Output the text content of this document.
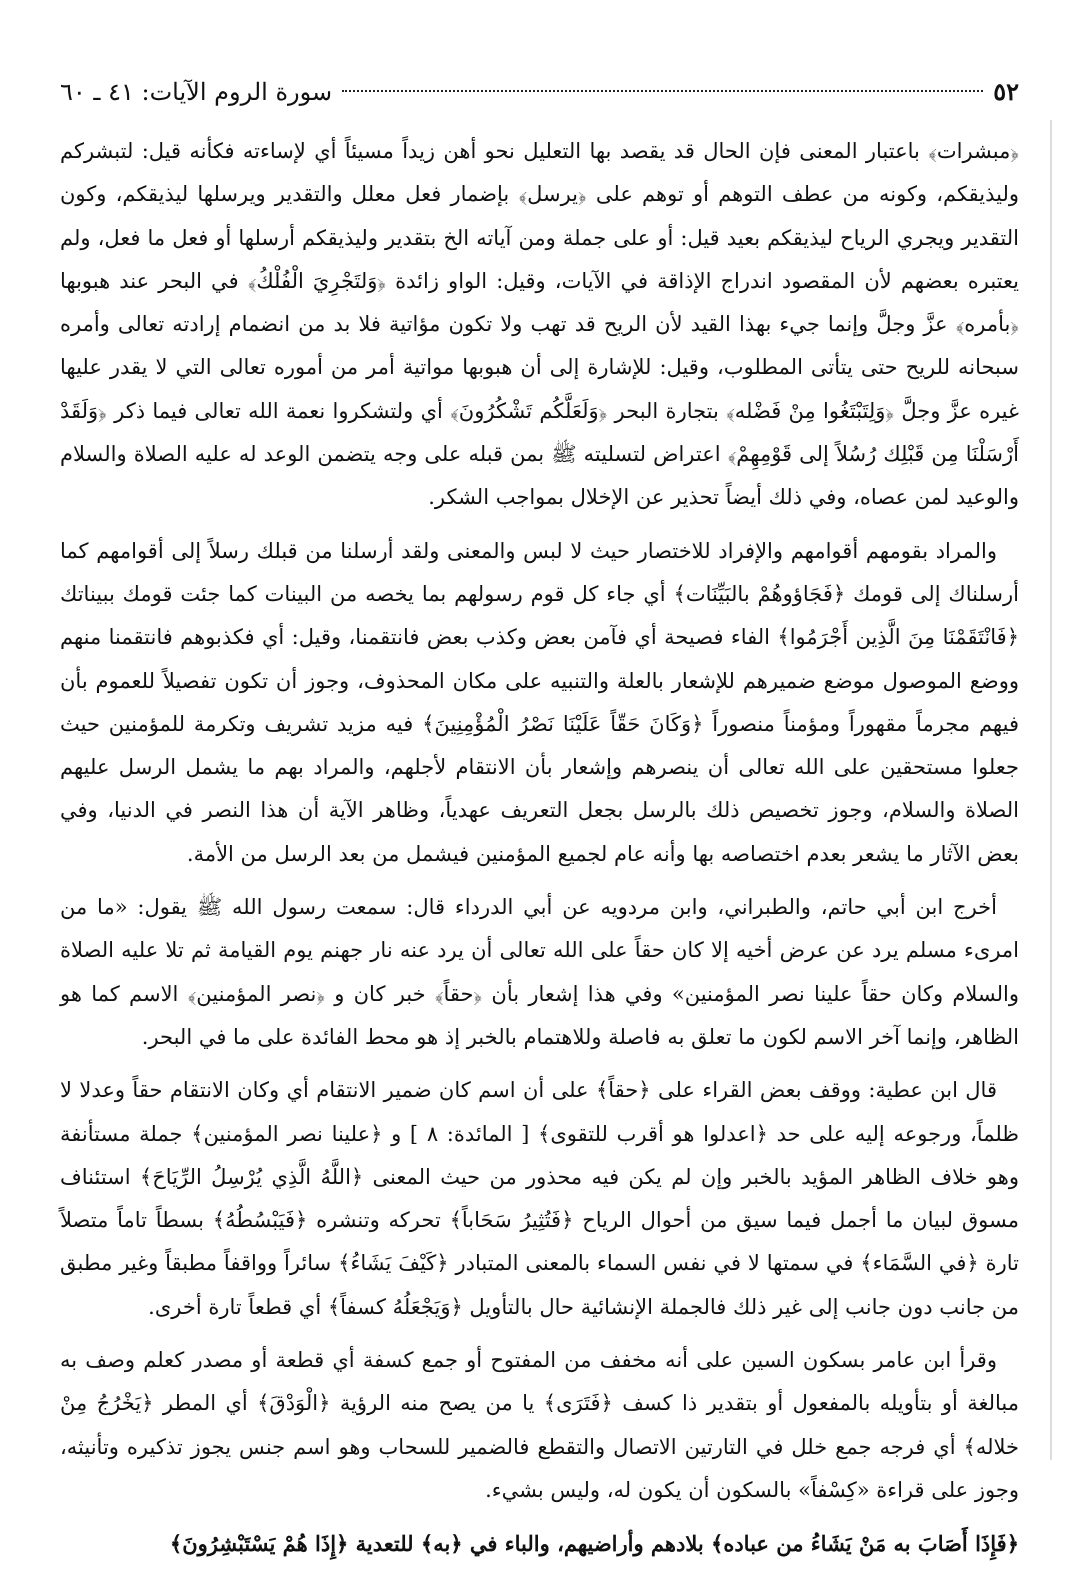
٥٢
سورة الروم الآيات: ٤١ ـ ٦٠

﴿مبشرات﴾ باعتبار المعنى فإن الحال قد يقصد بها التعليل نحو أهن زيداً مسيئاً أي لإساءته فكأنه قيل: لتبشركم وليذيقكم، وكونه من عطف التوهم أو توهم على ﴿يرسل﴾ بإضمار فعل معلل والتقدير ويرسلها ليذيقكم، وكون التقدير ويجري الرياح ليذيقكم بعيد قيل: أو على جملة ومن آياته الخ بتقدير وليذيقكم أرسلها أو فعل ما فعل، ولم يعتبره بعضهم لأن المقصود اندراج الإذاقة في الآيات، وقيل: الواو زائدة ﴿وَلتَجْرِيَ الْفُلْكُ﴾ في البحر عند هبوبها ﴿بأمره﴾ عزَّ وجلَّ وإنما جيء بهذا القيد لأن الريح قد تهب ولا تكون مؤاتية فلا بد من انضمام إرادته تعالى وأمره سبحانه للريح حتى يتأتى المطلوب، وقيل: للإشارة إلى أن هبوبها مواتية أمر من أموره تعالى التي لا يقدر عليها غيره عزَّ وجلَّ ﴿وَلِتَبْتَغُوا مِنْ فَضْله﴾ بتجارة البحر ﴿وَلَعَلَّكُم تَشْكُرُونَ﴾ أي ولتشكروا نعمة الله تعالى فيما ذكر ﴿وَلَقَدْ أَرْسَلْنَا مِن قَبْلِك رُسُلاً إلى قَوْمِهِمْ﴾ اعتراض لتسليته ﷺ بمن قبله على وجه يتضمن الوعد له عليه الصلاة والسلام والوعيد لمن عصاه، وفي ذلك أيضاً تحذير عن الإخلال بمواجب الشكر.

والمراد بقومهم أقوامهم والإفراد للاختصار حيث لا لبس والمعنى ولقد أرسلنا من قبلك رسلاً إلى أقوامهم كما أرسلناك إلى قومك ﴿فَجَاؤوهُمْ بالبَيِّنَات﴾ أي جاء كل قوم رسولهم بما يخصه من البينات كما جئت قومك ببيناتك ﴿فَانْتَقَمْنَا مِنَ الَّذِين أَجْرَمُوا﴾ الفاء فصيحة أي فآمن بعض وكذب بعض فانتقمنا، وقيل: أي فكذبوهم فانتقمنا منهم ووضع الموصول موضع ضميرهم للإشعار بالعلة والتنبيه على مكان المحذوف، وجوز أن تكون تفصيلاً للعموم بأن فيهم مجرماً مقهوراً ومؤمناً منصوراً ﴿وَكَانَ حَقّاً عَلَيْنَا نَصْرُ الْمُؤْمِنِينَ﴾ فيه مزيد تشريف وتكرمة للمؤمنين حيث جعلوا مستحقين على الله تعالى أن ينصرهم وإشعار بأن الانتقام لأجلهم، والمراد بهم ما يشمل الرسل عليهم الصلاة والسلام، وجوز تخصيص ذلك بالرسل بجعل التعريف عهدياً، وظاهر الآية أن هذا النصر في الدنيا، وفي بعض الآثار ما يشعر بعدم اختصاصه بها وأنه عام لجميع المؤمنين فيشمل من بعد الرسل من الأمة.

أخرج ابن أبي حاتم، والطبراني، وابن مردويه عن أبي الدرداء قال: سمعت رسول الله ﷺ يقول: «ما من امرىء مسلم يرد عن عرض أخيه إلا كان حقاً على الله تعالى أن يرد عنه نار جهنم يوم القيامة ثم تلا عليه الصلاة والسلام وكان حقاً علينا نصر المؤمنين» وفي هذا إشعار بأن ﴿حقاً﴾ خبر كان و ﴿نصر المؤمنين﴾ الاسم كما هو الظاهر، وإنما آخر الاسم لكون ما تعلق به فاصلة وللاهتمام بالخبر إذ هو محط الفائدة على ما في البحر.

قال ابن عطية: ووقف بعض القراء على ﴿حقاً﴾ على أن اسم كان ضمير الانتقام أي وكان الانتقام حقاً وعدلا لا ظلماً، ورجوعه إليه على حد ﴿اعدلوا هو أقرب للتقوى﴾ [ المائدة: ٨ ] و ﴿علينا نصر المؤمنين﴾ جملة مستأنفة وهو خلاف الظاهر المؤيد بالخبر وإن لم يكن فيه محذور من حيث المعنى ﴿اللَّهُ الَّذِي يُرْسِلُ الرِّيَاحَ﴾ استئناف مسوق لبيان ما أجمل فيما سيق من أحوال الرياح ﴿فَتُثِيرُ سَحَاباً﴾ تحركه وتنشره ﴿فَيَبْسُطُهُ﴾ بسطاً تاماً متصلاً تارة ﴿في السَّمَاء﴾ في سمتها لا في نفس السماء بالمعنى المتبادر ﴿كَيْفَ يَشَاءُ﴾ سائراً وواقفاً مطبقاً وغير مطبق من جانب دون جانب إلى غير ذلك فالجملة الإنشائية حال بالتأويل ﴿وَيَجْعَلُهُ كسفاً﴾ أي قطعاً تارة أخرى.

وقرأ ابن عامر بسكون السين على أنه مخفف من المفتوح أو جمع كسفة أي قطعة أو مصدر كعلم وصف به مبالغة أو بتأويله بالمفعول أو بتقدير ذا كسف ﴿فَتَرَى﴾ يا من يصح منه الرؤية ﴿الْوَدْقَ﴾ أي المطر ﴿يَخْرُجُ مِنْ خلاله﴾ أي فرجه جمع خلل في التارتين الاتصال والتقطع فالضمير للسحاب وهو اسم جنس يجوز تذكيره وتأنيثه، وجوز على قراءة «كِسْفاً» بالسكون أن يكون له، وليس بشيء.

﴿فَإِذَا أَصَابَ به مَنْ يَشَاءُ من عباده﴾ بلادهم وأراضيهم، والباء في ﴿به﴾ للتعدية ﴿إِذَا هُمْ يَسْتَبْشِرُونَ﴾
